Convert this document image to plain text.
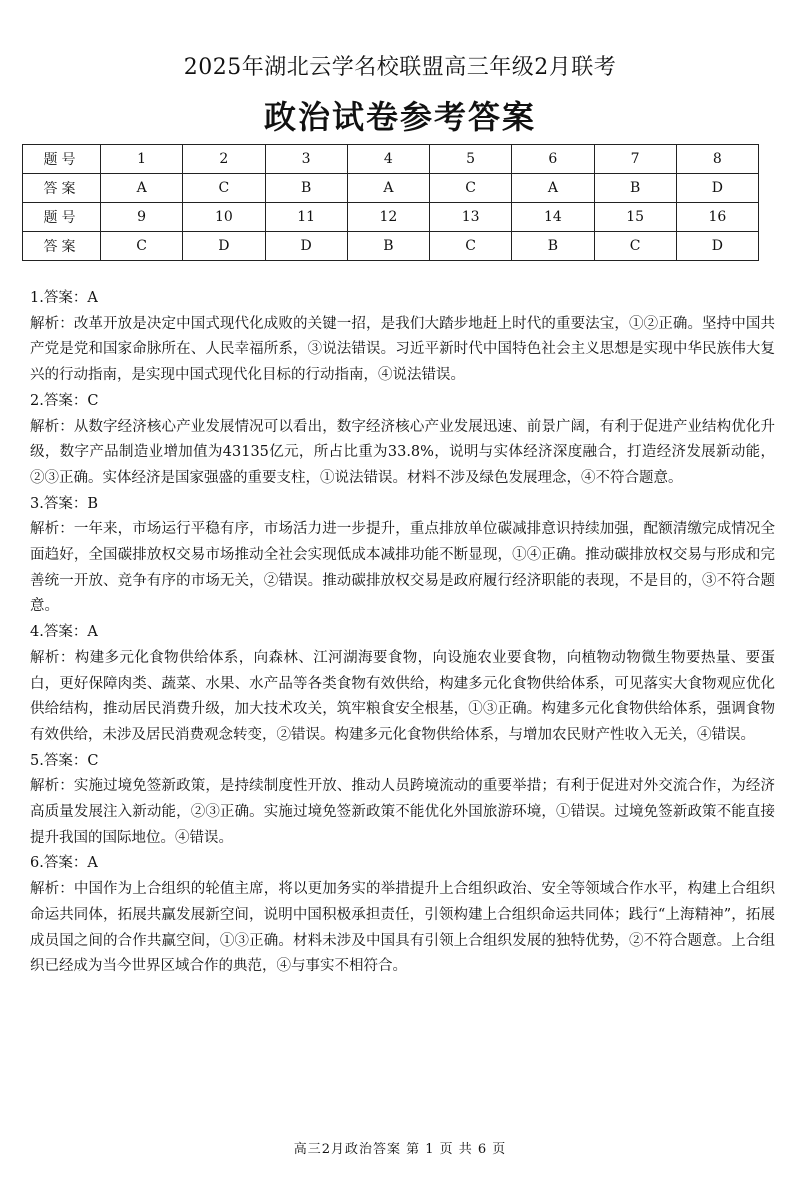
2025年湖北云学名校联盟高三年级2月联考
政治试卷参考答案
题号	1	2	3	4	5	6	7	8
答案	A	C	B	A	C	A	B	D
题号	9	10	11	12	13	14	15	16
答案	C	D	D	B	C	B	C	D

1.答案：A

解析：改革开放是决定中国式现代化成败的关键一招，是我们大踏步地赶上时代的重要法宝，①②正确。坚持中国共产党是党和国家命脉所在、人民幸福所系，③说法错误。习近平新时代中国特色社会主义思想是实现中华民族伟大复兴的行动指南，是实现中国式现代化目标的行动指南，④说法错误。

2.答案：C

解析：从数字经济核心产业发展情况可以看出，数字经济核心产业发展迅速、前景广阔，有利于促进产业结构优化升级，数字产品制造业增加值为43135亿元，所占比重为33.8%，说明与实体经济深度融合，打造经济发展新动能，②③正确。实体经济是国家强盛的重要支柱，①说法错误。材料不涉及绿色发展理念，④不符合题意。

3.答案：B

解析：一年来，市场运行平稳有序，市场活力进一步提升，重点排放单位碳减排意识持续加强，配额清缴完成情况全面趋好，全国碳排放权交易市场推动全社会实现低成本减排功能不断显现，①④正确。推动碳排放权交易与形成和完善统一开放、竞争有序的市场无关，②错误。推动碳排放权交易是政府履行经济职能的表现，不是目的，③不符合题意。

4.答案：A

解析：构建多元化食物供给体系，向森林、江河湖海要食物，向设施农业要食物，向植物动物微生物要热量、要蛋白，更好保障肉类、蔬菜、水果、水产品等各类食物有效供给，构建多元化食物供给体系，可见落实大食物观应优化供给结构，推动居民消费升级，加大技术攻关，筑牢粮食安全根基，①③正确。构建多元化食物供给体系，强调食物有效供给，未涉及居民消费观念转变，②错误。构建多元化食物供给体系，与增加农民财产性收入无关，④错误。

5.答案：C

解析：实施过境免签新政策，是持续制度性开放、推动人员跨境流动的重要举措；有利于促进对外交流合作，为经济高质量发展注入新动能，②③正确。实施过境免签新政策不能优化外国旅游环境，①错误。过境免签新政策不能直接提升我国的国际地位。④错误。

6.答案：A

解析：中国作为上合组织的轮值主席，将以更加务实的举措提升上合组织政治、安全等领域合作水平，构建上合组织命运共同体，拓展共赢发展新空间，说明中国积极承担责任，引领构建上合组织命运共同体；践行“上海精神”，拓展成员国之间的合作共赢空间，①③正确。材料未涉及中国具有引领上合组织发展的独特优势，②不符合题意。上合组织已经成为当今世界区域合作的典范，④与事实不相符合。

高三2月政治答案 第 1 页 共 6 页
